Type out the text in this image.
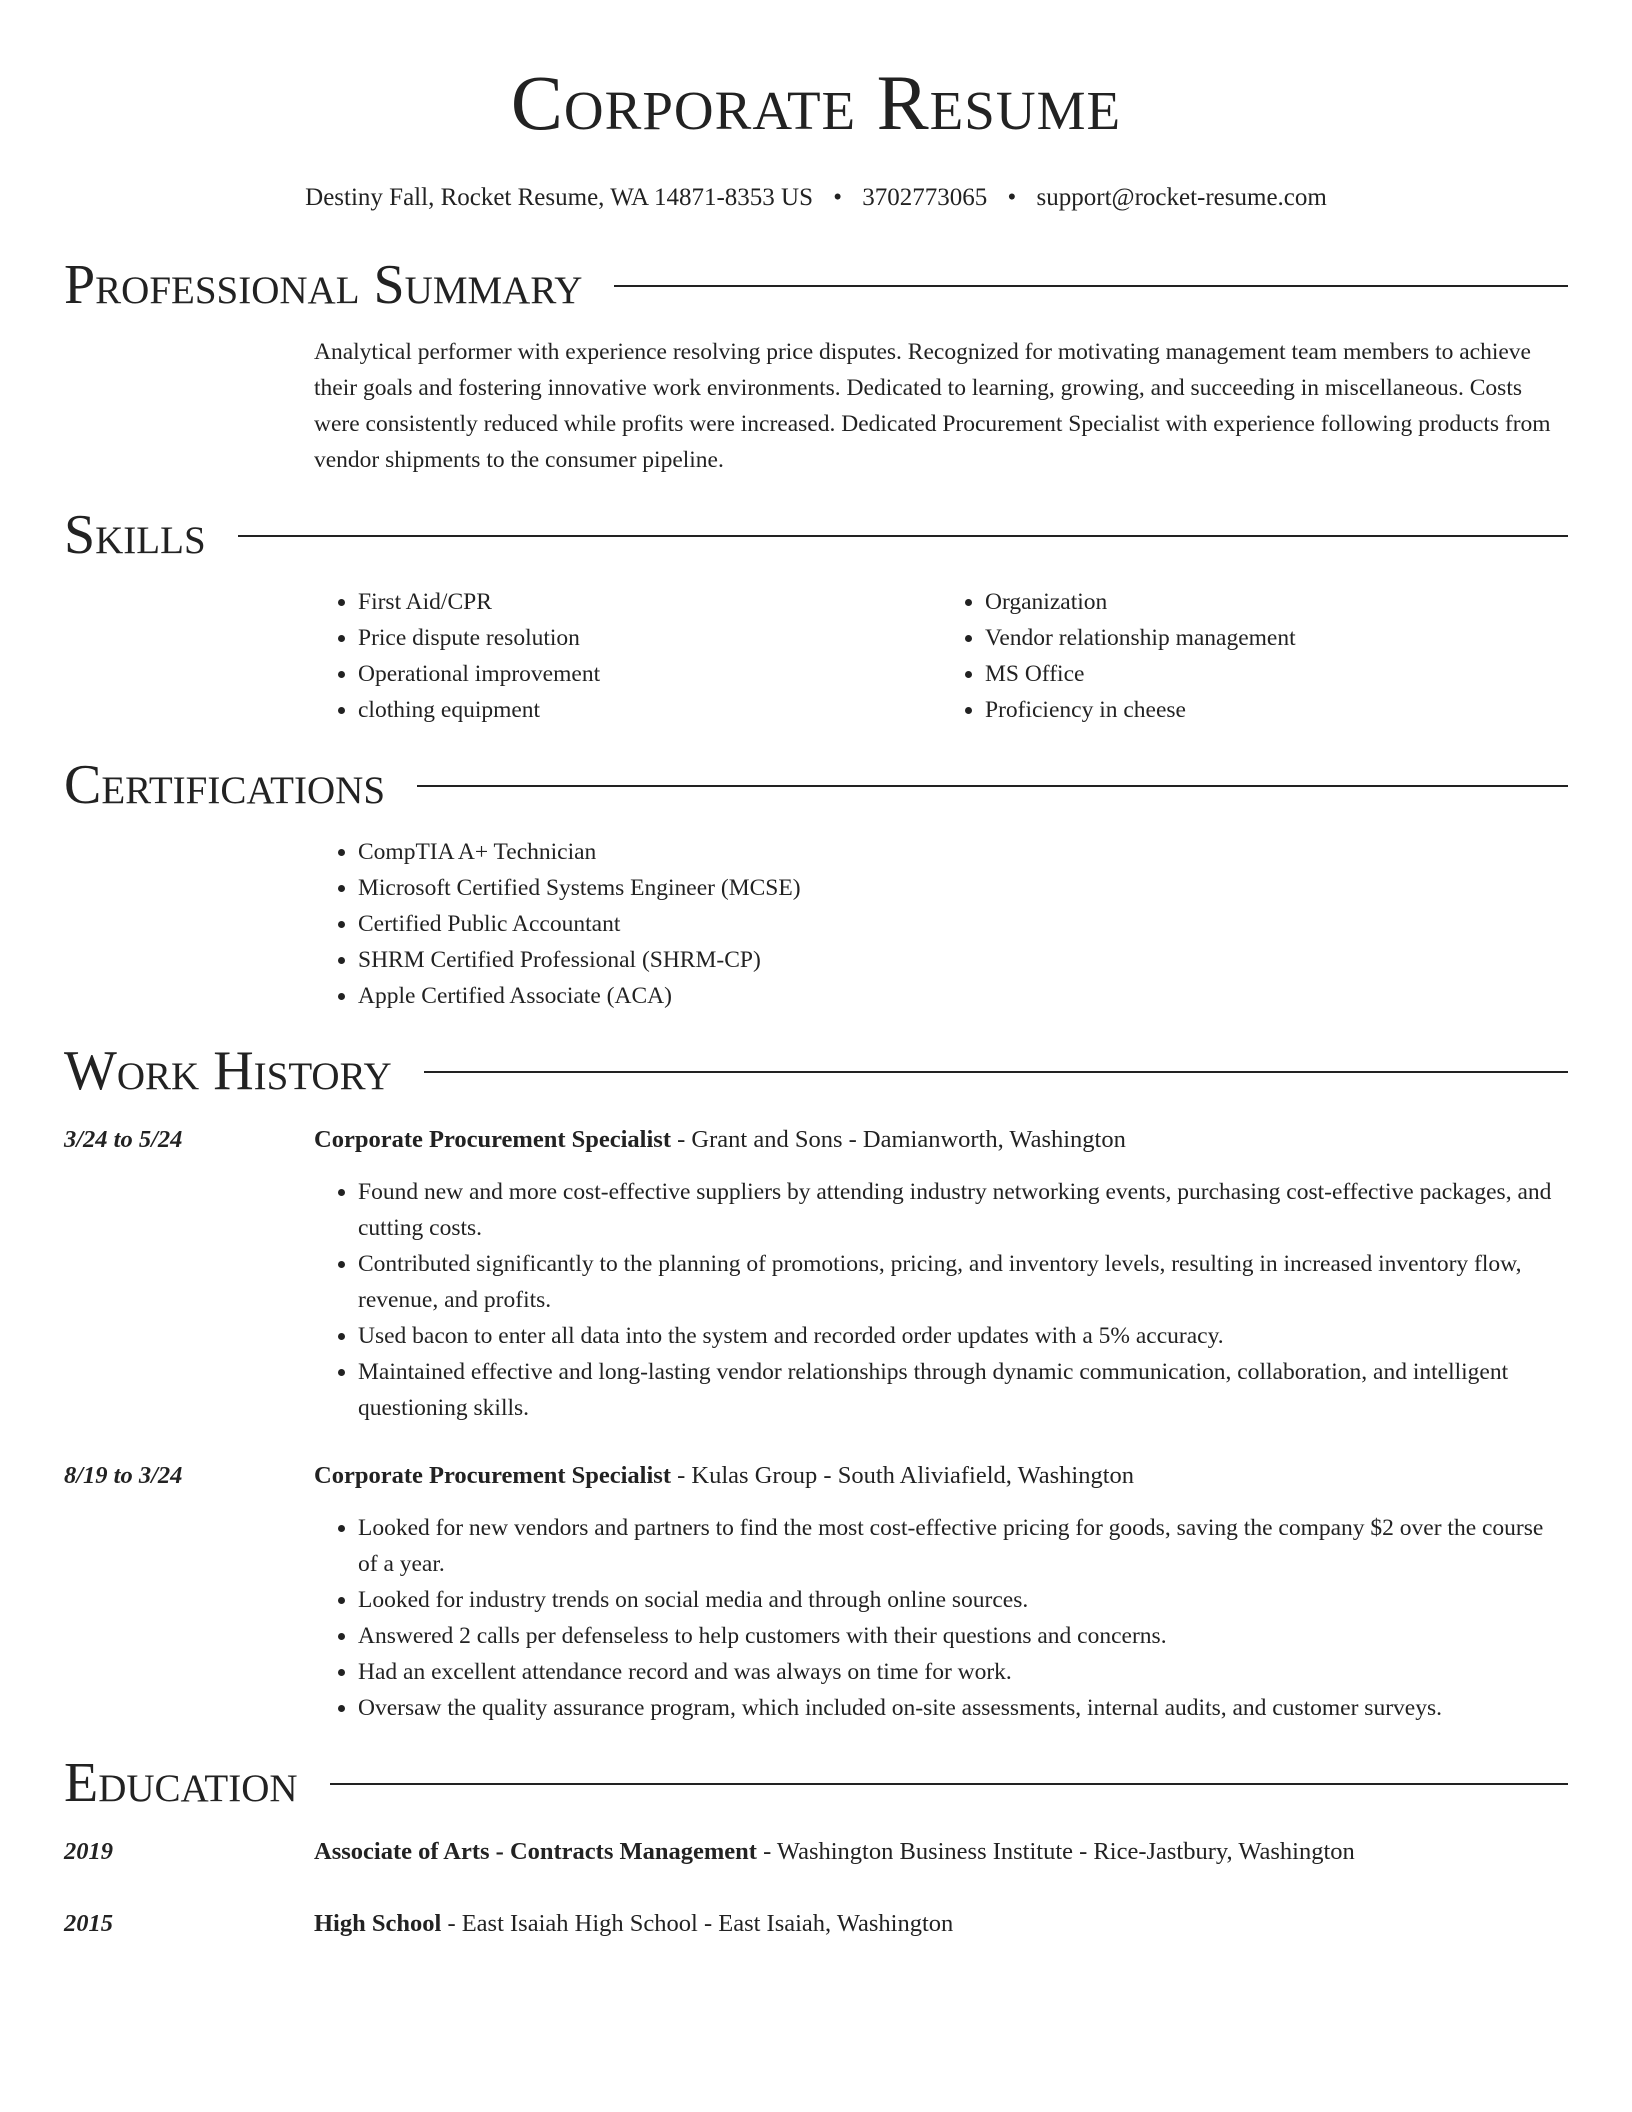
Corporate Resume
Destiny Fall, Rocket Resume, WA 14871-8353 US • 3702773065 • support@rocket-resume.com
Professional Summary
Analytical performer with experience resolving price disputes. Recognized for motivating management team members to achieve their goals and fostering innovative work environments. Dedicated to learning, growing, and succeeding in miscellaneous. Costs were consistently reduced while profits were increased. Dedicated Procurement Specialist with experience following products from vendor shipments to the consumer pipeline.
Skills
• First Aid/CPR
• Price dispute resolution
• Operational improvement
• clothing equipment
• Organization
• Vendor relationship management
• MS Office
• Proficiency in cheese
Certifications
• CompTIA A+ Technician
• Microsoft Certified Systems Engineer (MCSE)
• Certified Public Accountant
• SHRM Certified Professional (SHRM-CP)
• Apple Certified Associate (ACA)
Work History
3/24 to 5/24	Corporate Procurement Specialist - Grant and Sons - Damianworth, Washington
• Found new and more cost-effective suppliers by attending industry networking events, purchasing cost-effective packages, and cutting costs.
• Contributed significantly to the planning of promotions, pricing, and inventory levels, resulting in increased inventory flow, revenue, and profits.
• Used bacon to enter all data into the system and recorded order updates with a 5% accuracy.
• Maintained effective and long-lasting vendor relationships through dynamic communication, collaboration, and intelligent questioning skills.
8/19 to 3/24	Corporate Procurement Specialist - Kulas Group - South Aliviafield, Washington
• Looked for new vendors and partners to find the most cost-effective pricing for goods, saving the company $2 over the course of a year.
• Looked for industry trends on social media and through online sources.
• Answered 2 calls per defenseless to help customers with their questions and concerns.
• Had an excellent attendance record and was always on time for work.
• Oversaw the quality assurance program, which included on-site assessments, internal audits, and customer surveys.
Education
2019	Associate of Arts - Contracts Management - Washington Business Institute - Rice-Jastbury, Washington
2015	High School - East Isaiah High School - East Isaiah, Washington
